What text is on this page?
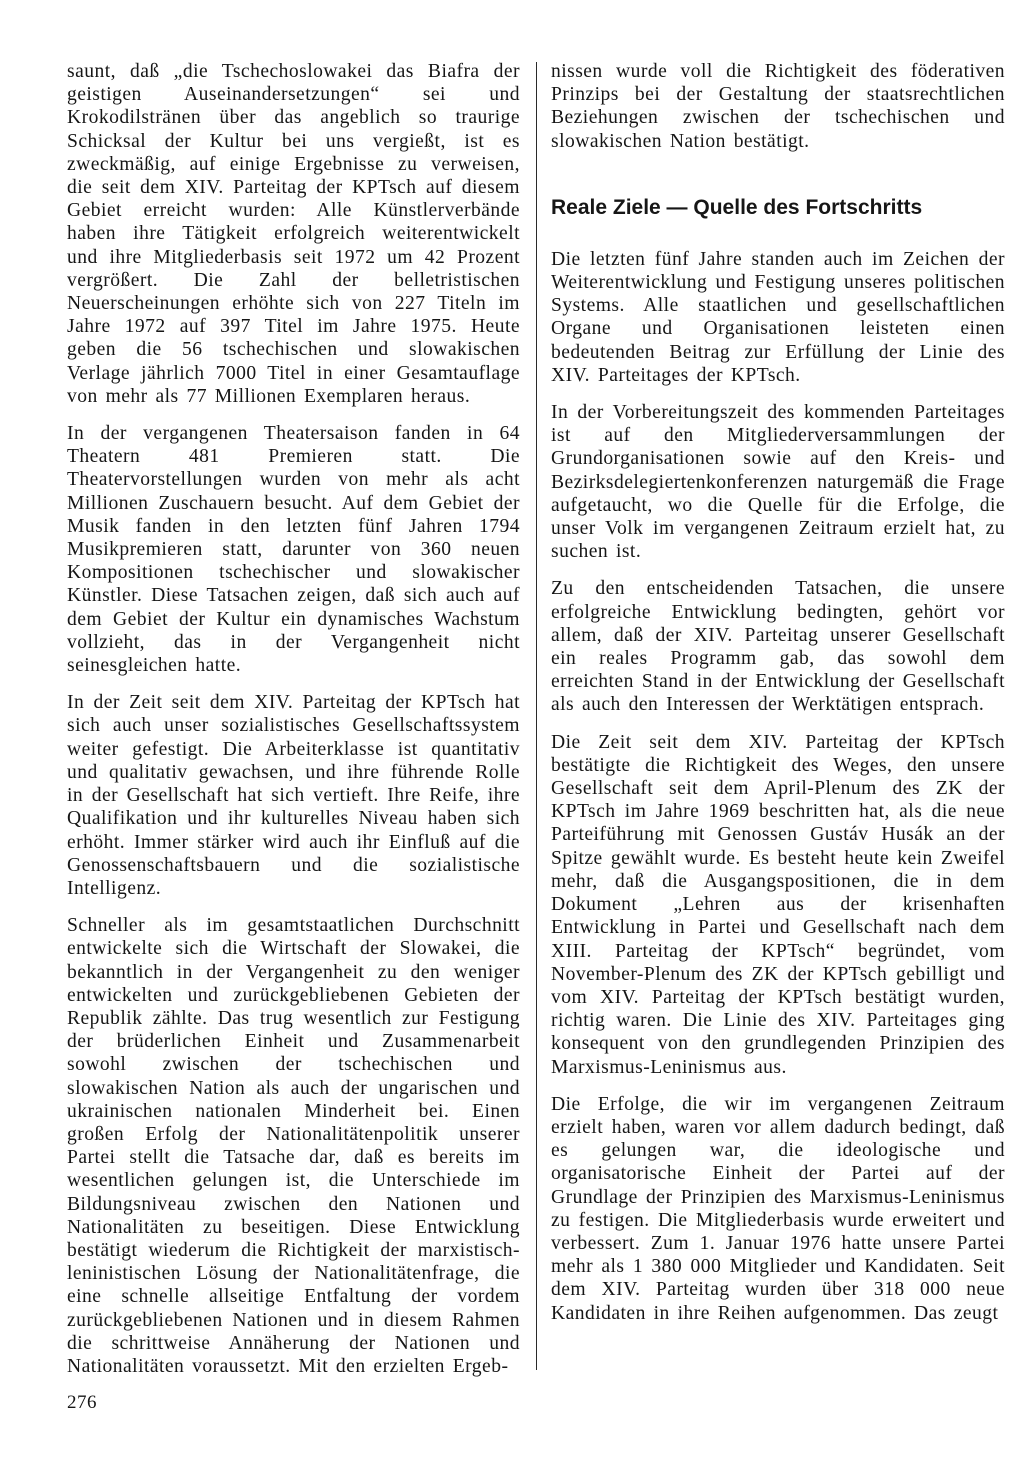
saunt, daß „die Tschechoslowakei das Biafra der geistigen Auseinandersetzungen“ sei und Krokodilstränen über das angeblich so traurige Schicksal der Kultur bei uns vergießt, ist es zweckmäßig, auf einige Ergebnisse zu verweisen, die seit dem XIV. Parteitag der KPTsch auf diesem Gebiet erreicht wurden: Alle Künstlerverbände haben ihre Tätigkeit erfolgreich weiterentwickelt und ihre Mitgliederbasis seit 1972 um 42 Prozent vergrößert. Die Zahl der belletristischen Neuerscheinungen erhöhte sich von 227 Titeln im Jahre 1972 auf 397 Titel im Jahre 1975. Heute geben die 56 tschechischen und slowakischen Verlage jährlich 7000 Titel in einer Gesamtauflage von mehr als 77 Millionen Exemplaren heraus.

In der vergangenen Theatersaison fanden in 64 Theatern 481 Premieren statt. Die Theatervorstellungen wurden von mehr als acht Millionen Zuschauern besucht. Auf dem Gebiet der Musik fanden in den letzten fünf Jahren 1794 Musikpremieren statt, darunter von 360 neuen Kompositionen tschechischer und slowakischer Künstler. Diese Tatsachen zeigen, daß sich auch auf dem Gebiet der Kultur ein dynamisches Wachstum vollzieht, das in der Vergangenheit nicht seinesgleichen hatte.

In der Zeit seit dem XIV. Parteitag der KPTsch hat sich auch unser sozialistisches Gesellschaftssystem weiter gefestigt. Die Arbeiterklasse ist quantitativ und qualitativ gewachsen, und ihre führende Rolle in der Gesellschaft hat sich vertieft. Ihre Reife, ihre Qualifikation und ihr kulturelles Niveau haben sich erhöht. Immer stärker wird auch ihr Einfluß auf die Genossenschaftsbauern und die sozialistische Intelligenz.

Schneller als im gesamtstaatlichen Durchschnitt entwickelte sich die Wirtschaft der Slowakei, die bekanntlich in der Vergangenheit zu den weniger entwickelten und zurückgebliebenen Gebieten der Republik zählte. Das trug wesentlich zur Festigung der brüderlichen Einheit und Zusammenarbeit sowohl zwischen der tschechischen und slowakischen Nation als auch der ungarischen und ukrainischen nationalen Minderheit bei. Einen großen Erfolg der Nationalitätenpolitik unserer Partei stellt die Tatsache dar, daß es bereits im wesentlichen gelungen ist, die Unterschiede im Bildungsniveau zwischen den Nationen und Nationalitäten zu beseitigen. Diese Entwicklung bestätigt wiederum die Richtigkeit der marxistisch-leninistischen Lösung der Nationalitätenfrage, die eine schnelle allseitige Entfaltung der vordem zurückgebliebenen Nationen und in diesem Rahmen die schrittweise Annäherung der Nationen und Nationalitäten voraussetzt. Mit den erzielten Ergeb-

nissen wurde voll die Richtigkeit des föderativen Prinzips bei der Gestaltung der staatsrechtlichen Beziehungen zwischen der tschechischen und slowakischen Nation bestätigt.

Reale Ziele — Quelle des Fortschritts

Die letzten fünf Jahre standen auch im Zeichen der Weiterentwicklung und Festigung unseres politischen Systems. Alle staatlichen und gesellschaftlichen Organe und Organisationen leisteten einen bedeutenden Beitrag zur Erfüllung der Linie des XIV. Parteitages der KPTsch.

In der Vorbereitungszeit des kommenden Parteitages ist auf den Mitgliederversammlungen der Grundorganisationen sowie auf den Kreis- und Bezirksdelegiertenkonferenzen naturgemäß die Frage aufgetaucht, wo die Quelle für die Erfolge, die unser Volk im vergangenen Zeitraum erzielt hat, zu suchen ist.

Zu den entscheidenden Tatsachen, die unsere erfolgreiche Entwicklung bedingten, gehört vor allem, daß der XIV. Parteitag unserer Gesellschaft ein reales Programm gab, das sowohl dem erreichten Stand in der Entwicklung der Gesellschaft als auch den Interessen der Werktätigen entsprach.

Die Zeit seit dem XIV. Parteitag der KPTsch bestätigte die Richtigkeit des Weges, den unsere Gesellschaft seit dem April-Plenum des ZK der KPTsch im Jahre 1969 beschritten hat, als die neue Parteiführung mit Genossen Gustáv Husák an der Spitze gewählt wurde. Es besteht heute kein Zweifel mehr, daß die Ausgangspositionen, die in dem Dokument „Lehren aus der krisenhaften Entwicklung in Partei und Gesellschaft nach dem XIII. Parteitag der KPTsch“ begründet, vom November-Plenum des ZK der KPTsch gebilligt und vom XIV. Parteitag der KPTsch bestätigt wurden, richtig waren. Die Linie des XIV. Parteitages ging konsequent von den grundlegenden Prinzipien des Marxismus-Leninismus aus.

Die Erfolge, die wir im vergangenen Zeitraum erzielt haben, waren vor allem dadurch bedingt, daß es gelungen war, die ideologische und organisatorische Einheit der Partei auf der Grundlage der Prinzipien des Marxismus-Leninismus zu festigen. Die Mitgliederbasis wurde erweitert und verbessert. Zum 1. Januar 1976 hatte unsere Partei mehr als 1 380 000 Mitglieder und Kandidaten. Seit dem XIV. Parteitag wurden über 318 000 neue Kandidaten in ihre Reihen aufgenommen. Das zeugt

276
